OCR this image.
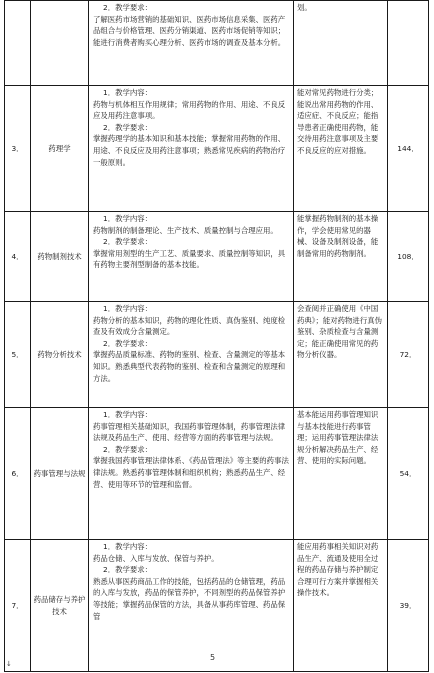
		2．教学要求：
了解医药市场营销的基础知识、医药市场信息采集、医药产品组合与价格管理、医药分销渠道、医药市场促销等知识；能进行消费者购买心理分析、医药市场的调查及基本分析。	划。	

3．	药理学	1．教学内容：
药物与机体相互作用规律；常用药物的作用、用途、不良反应及用药注意事项。
2．教学要求：
掌握药理学的基本知识和基本技能；掌握常用药物的作用、用途、不良反应及用药注意事项；熟悉常见疾病的药物治疗一般原则。	能对常见药物进行分类；能说出常用药物的作用、适应症、不良反应；能指导患者正确使用药物，能交待用药注意事项及主要不良反应的应对措施。	144．
4．	药物制剂技术	1．教学内容：
药物制剂的制备理论、生产技术、质量控制与合理应用。
2．教学要求：
掌握常用剂型的生产工艺、质量要求、质量控制等知识，具有药物主要剂型制备的基本技能。	能掌握药物制剂的基本操作，学会使用常见的器械、设备及制剂设备，能制备常用的药物制剂。	108．
5．	药物分析技术	1．教学内容：
药物分析的基本知识，药物的理化性质、真伪鉴别、纯度检查及有效成分含量测定。
2．教学要求：
掌握药品质量标准、药物的鉴别、检查、含量测定的等基本知识。熟悉典型代表药物的鉴别、检查和含量测定的原理和方法。	会查阅并正确使用《中国药典》；能对药物进行真伪鉴别、杂质检查与含量测定；能正确使用常见的药物分析仪器。	72．
6．	药事管理与法规	1．教学内容：
药事管理相关基础知识，我国药事管理体制，药事管理法律法规及药品生产、使用、经营等方面的药事管理与法规。
2．教学要求：
掌握我国药事管理法律体系、《药品管理法》等主要的药事法律法规。熟悉药事管理体制和组织机构；熟悉药品生产、经营、使用等环节的管理和监督。	基本能运用药事管理知识与基本技能进行药事管理；运用药事管理法律法规分析解决药品生产、经营、使用的实际问题。	54．
7．	药品储存与养护技术	1．教学内容：
药品仓储、入库与发放、保管与养护。
2．教学要求：
熟悉从事医药商品工作的技能，包括药品的仓储管理，药品的入库与发放，药品的保管养护，不同剂型的药品保管养护等技能；掌握药品保管的方法，具备从事药库管理、药品保管	能应用药事相关知识对药品生产、流通及使用全过程的药品存储与养护制定合理可行方案并掌握相关操作技术。	39．
5
↓
